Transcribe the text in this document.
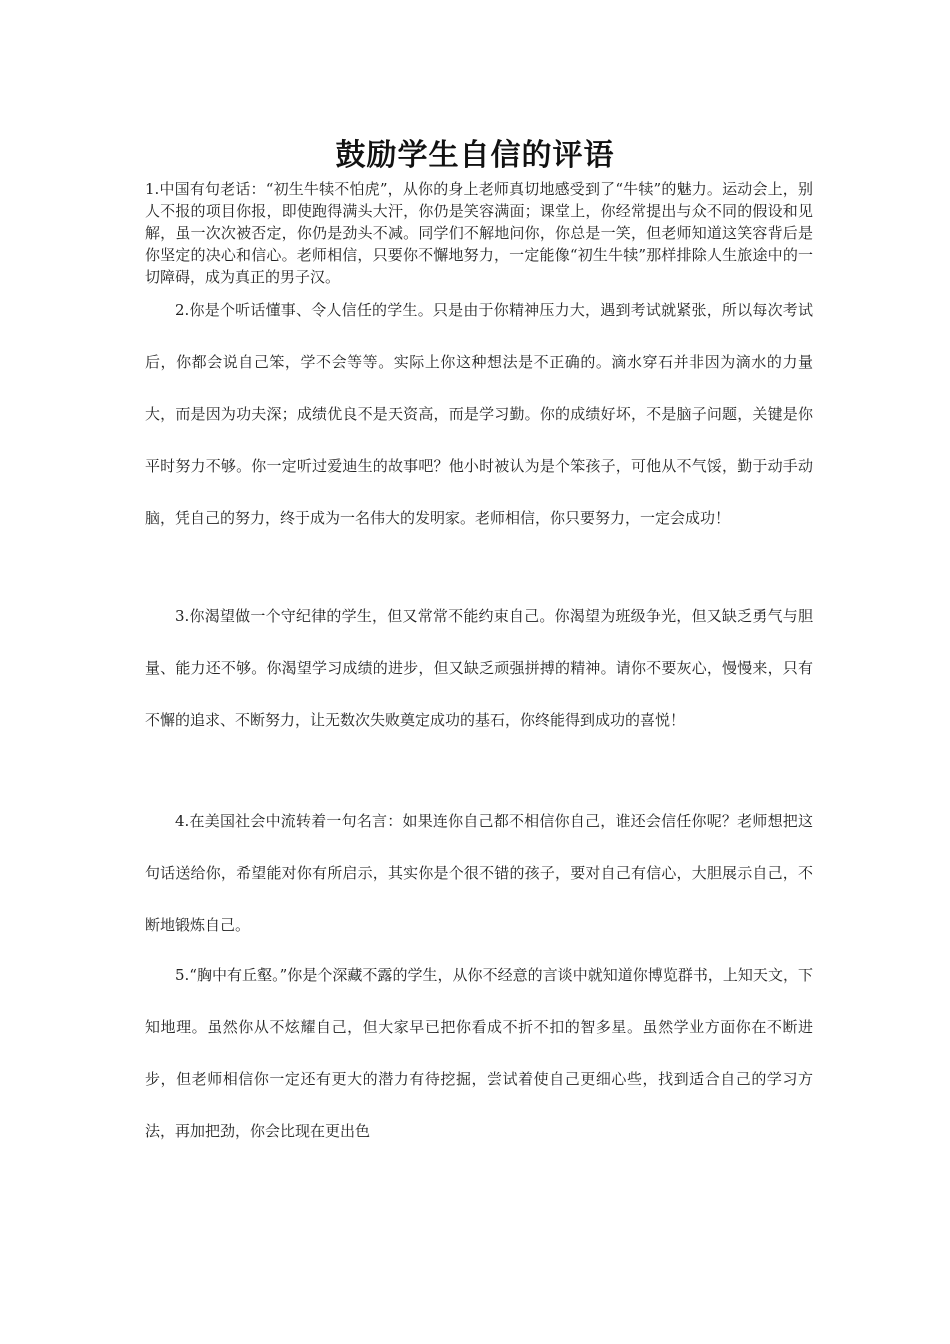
鼓励学生自信的评语
1.中国有句老话：“初生牛犊不怕虎”，从你的身上老师真切地感受到了“牛犊”的魅力。运动会上，别人不报的项目你报，即使跑得满头大汗，你仍是笑容满面；课堂上，你经常提出与众不同的假设和见解，虽一次次被否定，你仍是劲头不减。同学们不解地问你，你总是一笑，但老师知道这笑容背后是你坚定的决心和信心。老师相信，只要你不懈地努力，一定能像“初生牛犊”那样排除人生旅途中的一切障碍，成为真正的男子汉。
2.你是个听话懂事、令人信任的学生。只是由于你精神压力大，遇到考试就紧张，所以每次考试后，你都会说自己笨，学不会等等。实际上你这种想法是不正确的。滴水穿石并非因为滴水的力量大，而是因为功夫深；成绩优良不是天资高，而是学习勤。你的成绩好坏，不是脑子问题，关键是你平时努力不够。你一定听过爱迪生的故事吧？他小时被认为是个笨孩子，可他从不气馁，勤于动手动脑，凭自己的努力，终于成为一名伟大的发明家。老师相信，你只要努力，一定会成功！
3.你渴望做一个守纪律的学生，但又常常不能约束自己。你渴望为班级争光，但又缺乏勇气与胆量、能力还不够。你渴望学习成绩的进步，但又缺乏顽强拼搏的精神。请你不要灰心，慢慢来，只有不懈的追求、不断努力，让无数次失败奠定成功的基石，你终能得到成功的喜悦！
4.在美国社会中流转着一句名言：如果连你自己都不相信你自己，谁还会信任你呢？老师想把这句话送给你，希望能对你有所启示，其实你是个很不错的孩子，要对自己有信心，大胆展示自己，不断地锻炼自己。
5.“胸中有丘壑。”你是个深藏不露的学生，从你不经意的言谈中就知道你博览群书，上知天文，下知地理。虽然你从不炫耀自己，但大家早已把你看成不折不扣的智多星。虽然学业方面你在不断进步，但老师相信你一定还有更大的潜力有待挖掘，尝试着使自己更细心些，找到适合自己的学习方法，再加把劲，你会比现在更出色
